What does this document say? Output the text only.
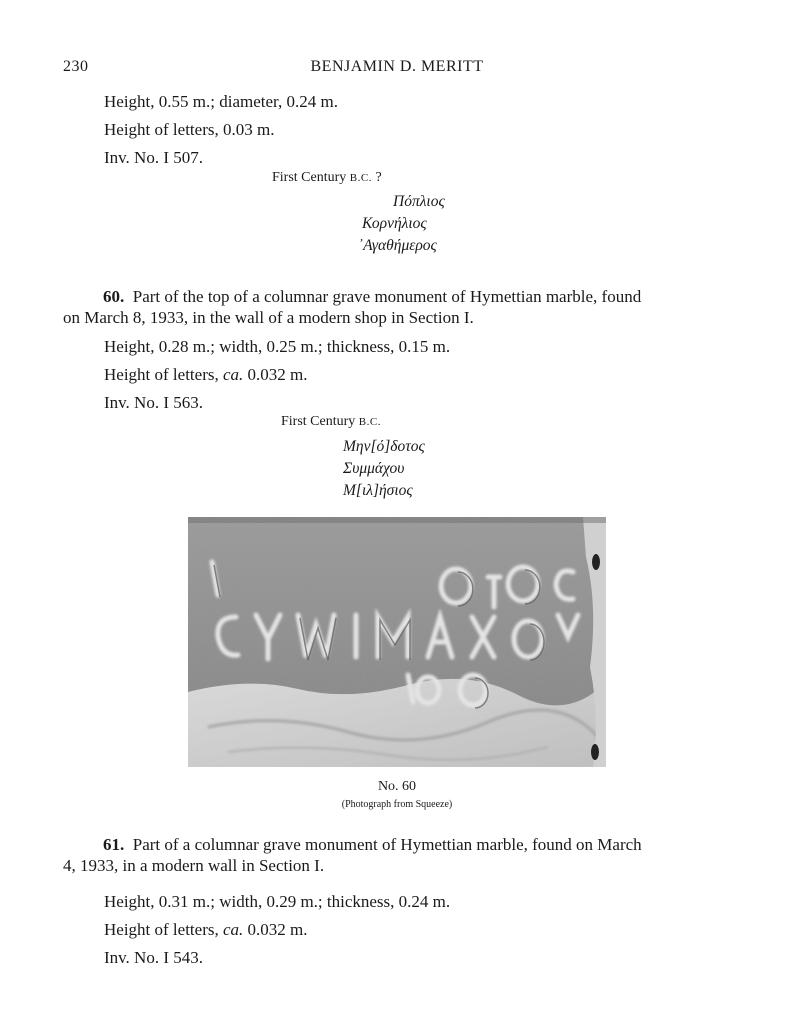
230	BENJAMIN D. MERITT
Height, 0.55 m.; diameter, 0.24 m.
Height of letters, 0.03 m.
Inv. No. I 507.
First Century B.C. ?
Πόπλιος
Κορνήλιος
᾿Αγαθήμερος
60. Part of the top of a columnar grave monument of Hymettian marble, found
on March 8, 1933, in the wall of a modern shop in Section I.
Height, 0.28 m.; width, 0.25 m.; thickness, 0.15 m.
Height of letters, ca. 0.032 m.
Inv. No. I 563.
First Century B.C.
Μηv[ό]δοτος
Συμμάχου
Μ[ιλ]ήσιος
No. 60
(Photograph from Squeeze)
61. Part of a columnar grave monument of Hymettian marble, found on March
4, 1933, in a modern wall in Section I.
Height, 0.31 m.; width, 0.29 m.; thickness, 0.24 m.
Height of letters, ca. 0.032 m.
Inv. No. I 543.
